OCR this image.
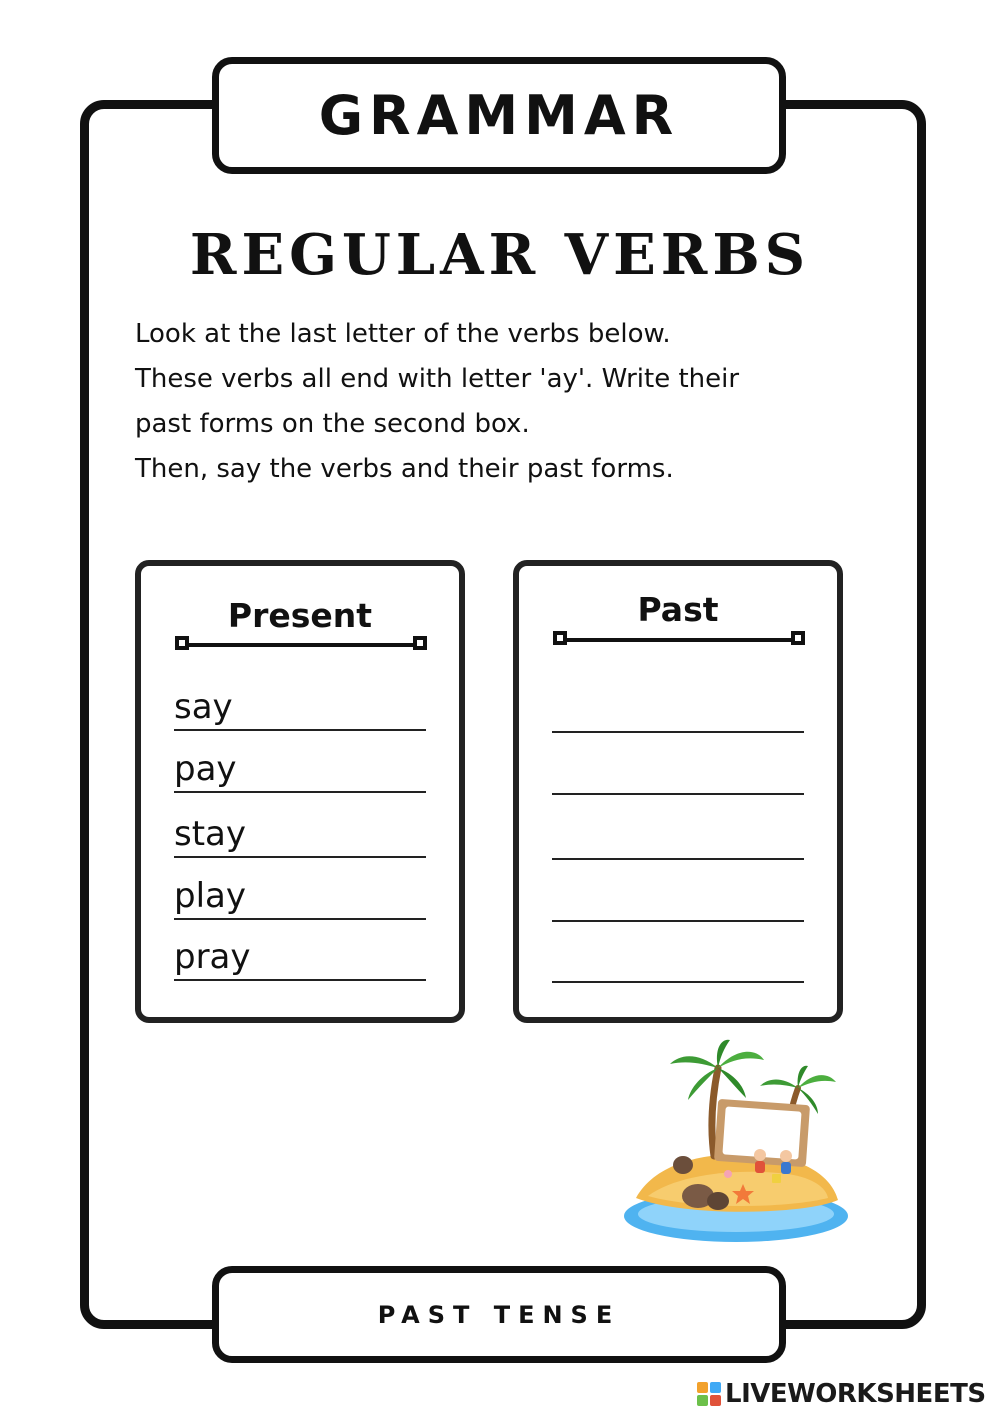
GRAMMAR
REGULAR VERBS
Look at the last letter of the verbs below.
These verbs all end with letter 'ay'. Write their
past forms on the second box.
Then, say the verbs and their past forms.
Present
say
pay
stay
play
pray
Past
PAST TENSE
LIVEWORKSHEETS
